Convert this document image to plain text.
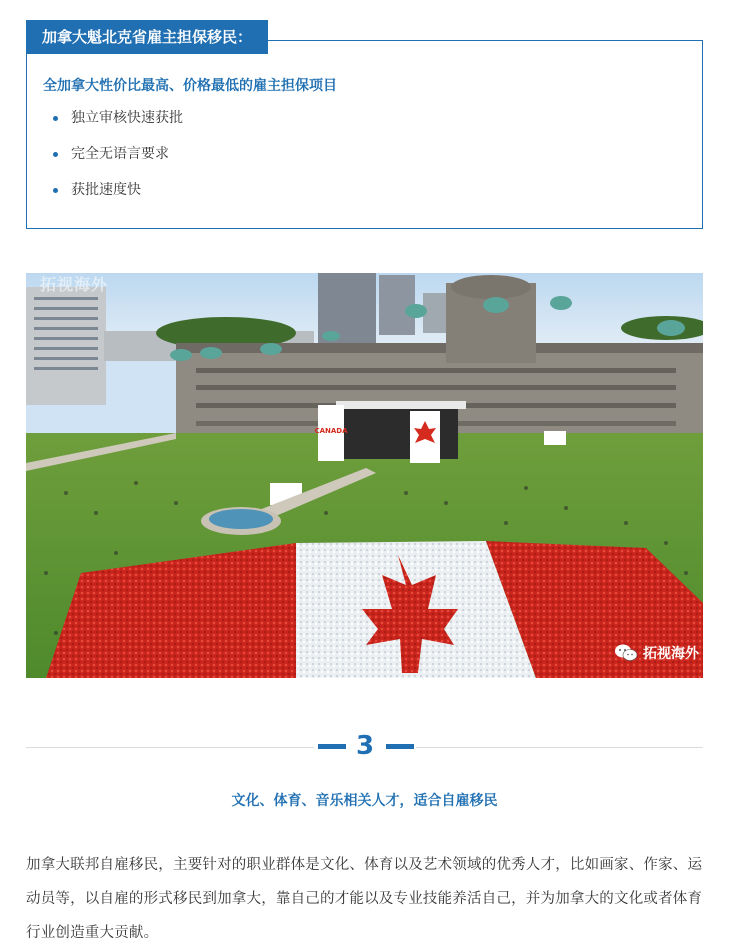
全加拿大性价比最高、价格最低的雇主担保项目
独立审核快速获批
完全无语言要求
获批速度快
加拿大魁北克省雇主担保移民：
CANADA
拓视海外
拓视海外
3
文化、体育、音乐相关人才，适合自雇移民

加拿大联邦自雇移民，主要针对的职业群体是文化、体育以及艺术领域的优秀人才，比如画家、作家、运动员等，以自雇的形式移民到加拿大，靠自己的才能以及专业技能养活自己，并为加拿大的文化或者体育行业创造重大贡献。
